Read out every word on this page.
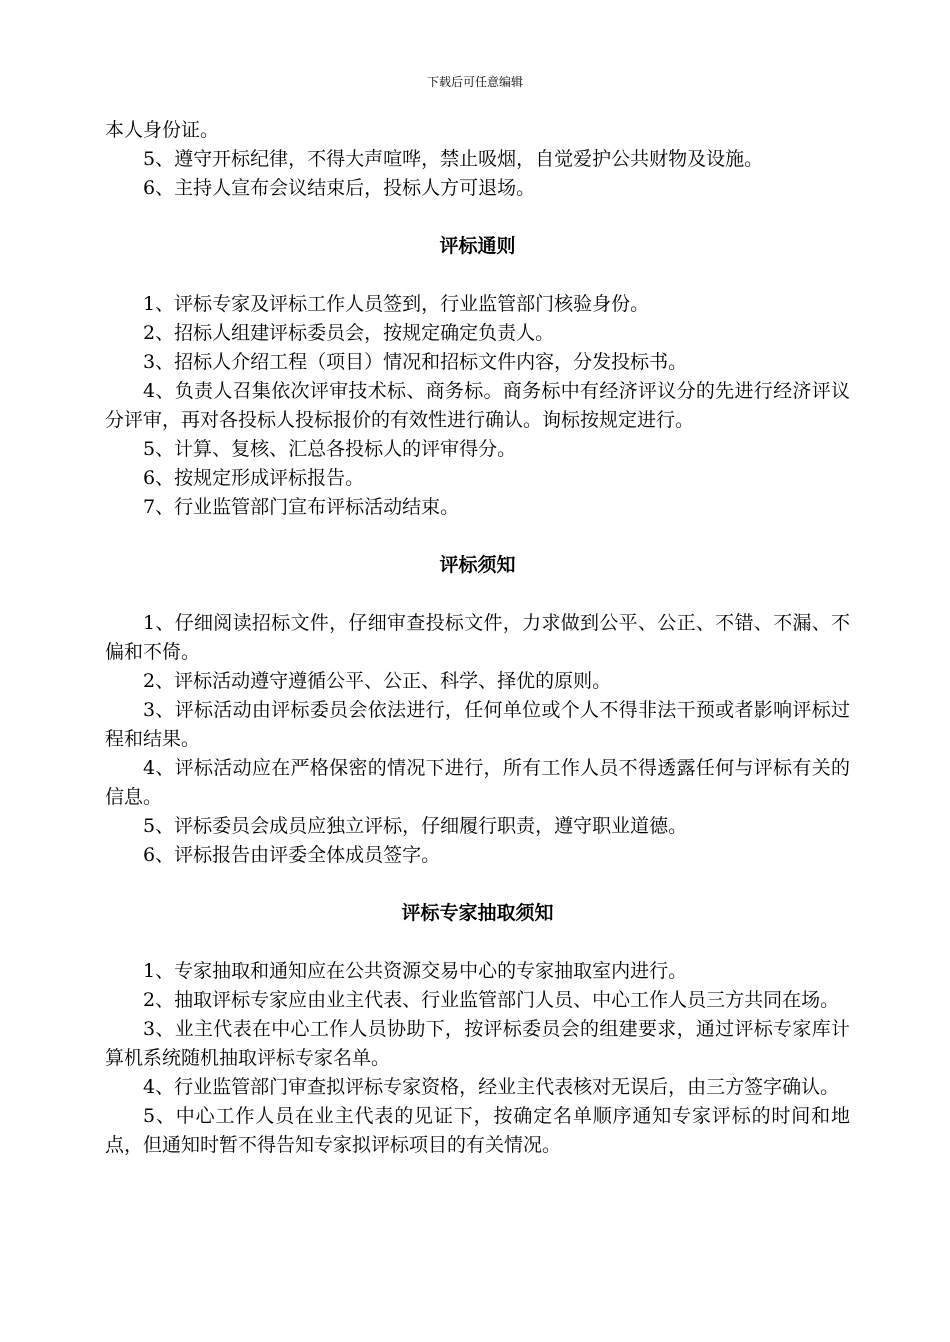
下载后可任意编辑

本人身份证。

5、遵守开标纪律，不得大声喧哗，禁止吸烟，自觉爱护公共财物及设施。

6、主持人宣布会议结束后，投标人方可退场。

评标通则

1、评标专家及评标工作人员签到，行业监管部门核验身份。

2、招标人组建评标委员会，按规定确定负责人。

3、招标人介绍工程（项目）情况和招标文件内容，分发投标书。

4、负责人召集依次评审技术标、商务标。商务标中有经济评议分的先进行经济评议分评审，再对各投标人投标报价的有效性进行确认。询标按规定进行。

5、计算、复核、汇总各投标人的评审得分。

6、按规定形成评标报告。

7、行业监管部门宣布评标活动结束。

评标须知

1、仔细阅读招标文件，仔细审查投标文件，力求做到公平、公正、不错、不漏、不偏和不倚。

2、评标活动遵守遵循公平、公正、科学、择优的原则。

3、评标活动由评标委员会依法进行，任何单位或个人不得非法干预或者影响评标过程和结果。

4、评标活动应在严格保密的情况下进行，所有工作人员不得透露任何与评标有关的信息。

5、评标委员会成员应独立评标，仔细履行职责，遵守职业道德。

6、评标报告由评委全体成员签字。

评标专家抽取须知

1、专家抽取和通知应在公共资源交易中心的专家抽取室内进行。

2、抽取评标专家应由业主代表、行业监管部门人员、中心工作人员三方共同在场。

3、业主代表在中心工作人员协助下，按评标委员会的组建要求，通过评标专家库计算机系统随机抽取评标专家名单。

4、行业监管部门审查拟评标专家资格，经业主代表核对无误后，由三方签字确认。

5、中心工作人员在业主代表的见证下，按确定名单顺序通知专家评标的时间和地点，但通知时暂不得告知专家拟评标项目的有关情况。
